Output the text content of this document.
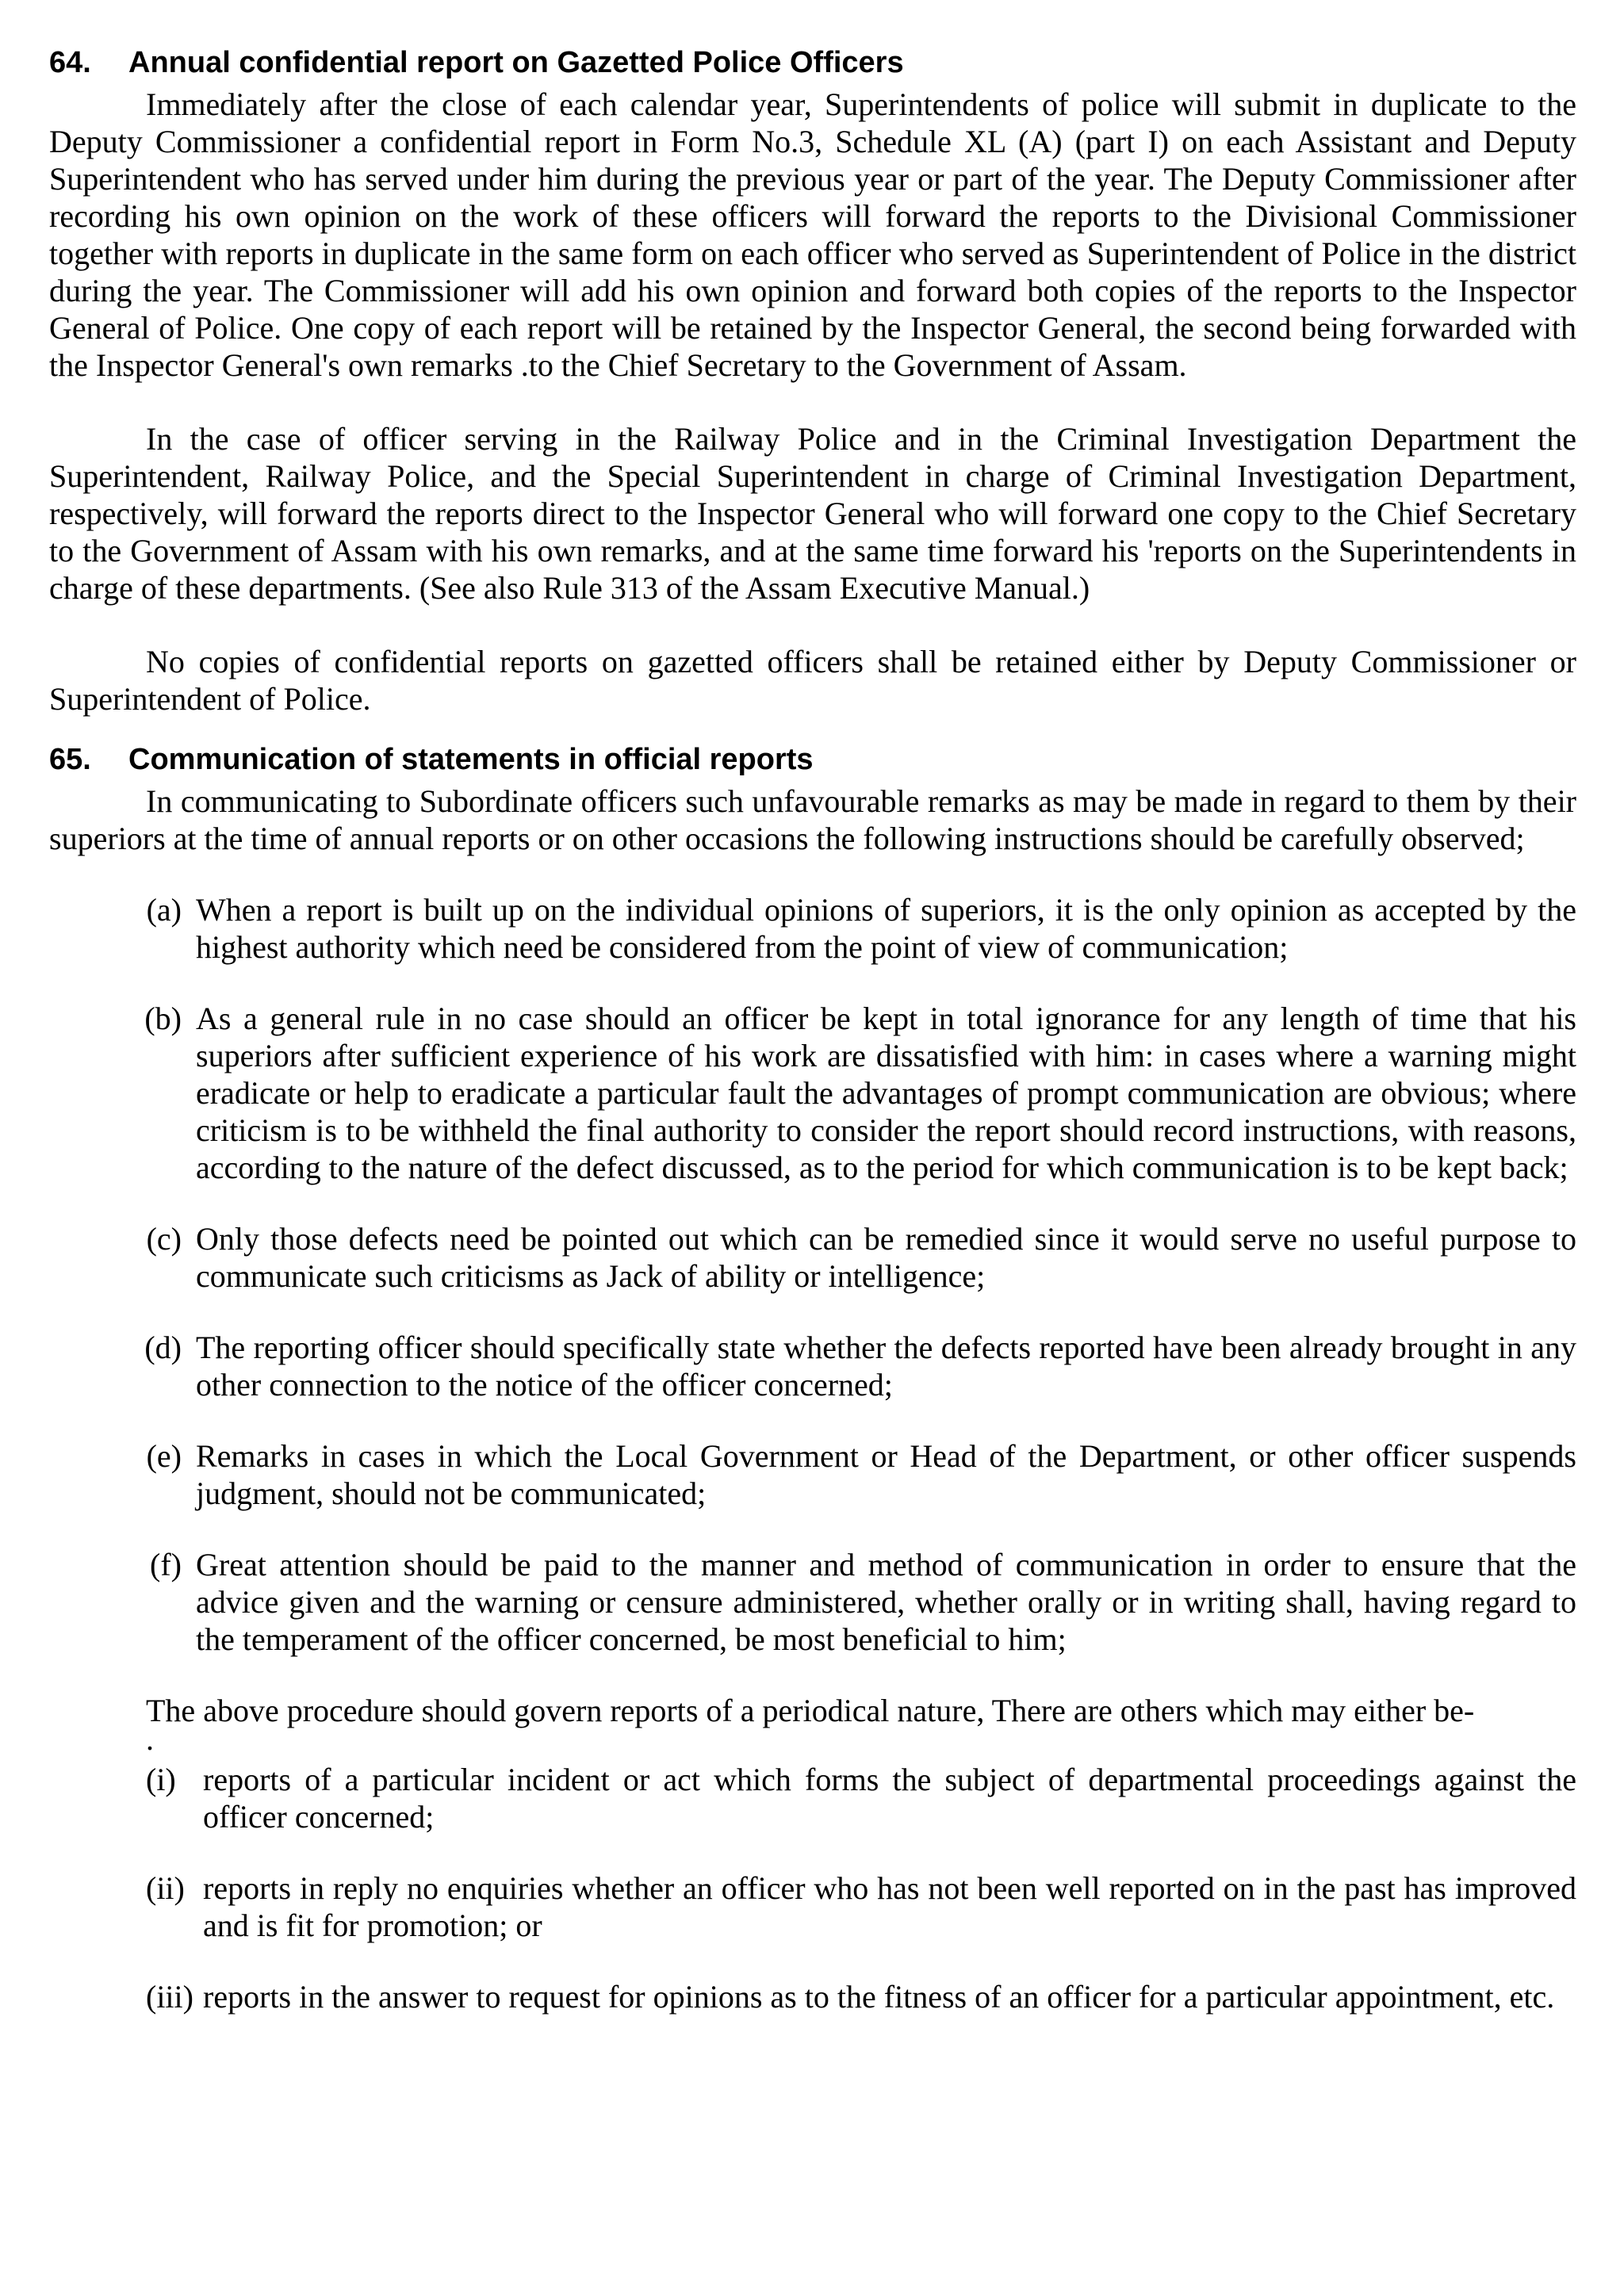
64.	Annual confidential report on Gazetted Police Officers

Immediately after the close of each calendar year, Superintendents of police will submit in duplicate to the Deputy Commissioner a confidential report in Form No.3, Schedule XL (A) (part I) on each Assistant and Deputy Superintendent who has served under him during the previous year or part of the year. The Deputy Commissioner after recording his own opinion on the work of these officers will forward the reports to the Divisional Commissioner together with reports in duplicate in the same form on each officer who served as Superintendent of Police in the district during the year. The Commissioner will add his own opinion and forward both copies of the reports to the Inspector General of Police. One copy of each report will be retained by the Inspector General, the second being forwarded with the Inspector General's own remarks .to the Chief Secretary to the Government of Assam.

In the case of officer serving in the Railway Police and in the Criminal Investigation Department the Superintendent, Railway Police, and the Special Superintendent in charge of Criminal Investigation Department, respectively, will forward the reports direct to the Inspector General who will forward one copy to the Chief Secretary to the Government of Assam with his own remarks, and at the same time forward his 'reports on the Superintendents in charge of these departments. (See also Rule 313 of the Assam Executive Manual.)

No copies of confidential reports on gazetted officers shall be retained either by Deputy Commissioner or Superintendent of Police.

65.	Communication of statements in official reports

In communicating to Subordinate officers such unfavourable remarks as may be made in regard to them by their superiors at the time of annual reports or on other occasions the following instructions should be carefully observed;

(a) When a report is built up on the individual opinions of superiors, it is the only opinion as accepted by the highest authority which need be considered from the point of view of communication;
(b) As a general rule in no case should an officer be kept in total ignorance for any length of time that his superiors after sufficient experience of his work are dissatisfied with him: in cases where a warning might eradicate or help to eradicate a particular fault the advantages of prompt communication are obvious; where criticism is to be withheld the final authority to consider the report should record instructions, with reasons, according to the nature of the defect discussed, as to the period for which communication is to be kept back;
(c) Only those defects need be pointed out which can be remedied since it would serve no useful purpose to communicate such criticisms as Jack of ability or intelligence;
(d) The reporting officer should specifically state whether the defects reported have been already brought in any other connection to the notice of the officer concerned;
(e) Remarks in cases in which the Local Government or Head of the Department, or other officer suspends judgment, should not be communicated;
(f) Great attention should be paid to the manner and method of communication in order to ensure that the advice given and the warning or censure administered, whether orally or in writing shall, having regard to the temperament of the officer concerned, be most beneficial to him;

The above procedure should govern reports of a periodical nature, There are others which may either be-

.

(i) reports of a particular incident or act which forms the subject of departmental proceedings against the officer concerned;
(ii) reports in reply no enquiries whether an officer who has not been well reported on in the past has improved and is fit for promotion; or
(iii) reports in the answer to request for opinions as to the fitness of an officer for a particular appointment, etc.
